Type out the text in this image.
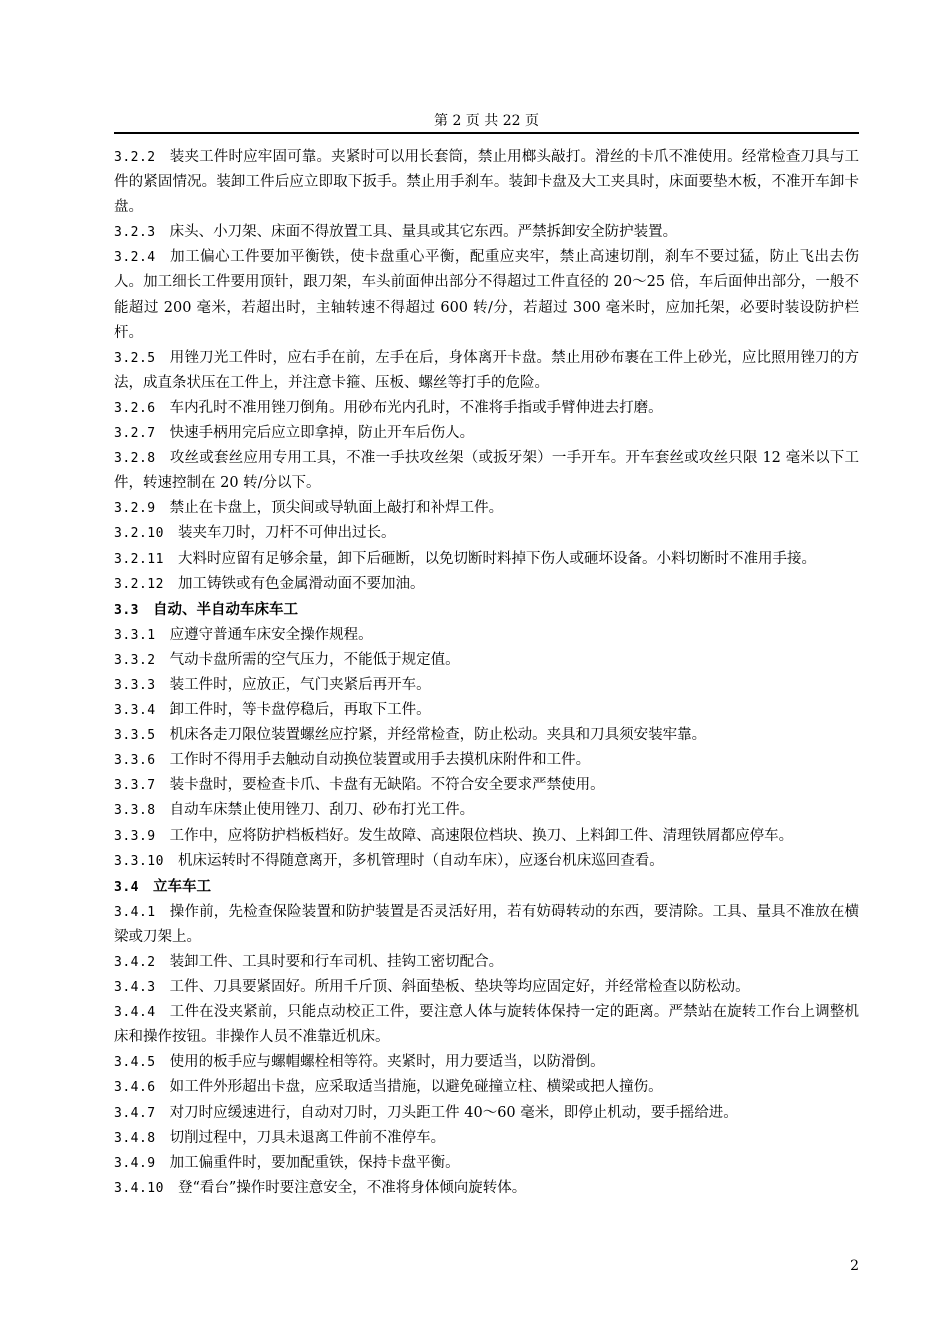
第 2 页 共 22 页

3.2.2 装夹工件时应牢固可靠。夹紧时可以用长套筒，禁止用榔头敲打。滑丝的卡爪不准使用。经常检查刀具与工件的紧固情况。装卸工件后应立即取下扳手。禁止用手刹车。装卸卡盘及大工夹具时，床面要垫木板，不准开车卸卡盘。

3.2.3 床头、小刀架、床面不得放置工具、量具或其它东西。严禁拆卸安全防护装置。

3.2.4 加工偏心工件要加平衡铁，使卡盘重心平衡，配重应夹牢，禁止高速切削，刹车不要过猛，防止飞出去伤人。加工细长工件要用顶针，跟刀架，车头前面伸出部分不得超过工件直径的 20～25 倍，车后面伸出部分，一般不能超过 200 毫米，若超出时，主轴转速不得超过 600 转/分，若超过 300 毫米时，应加托架，必要时装设防护栏杆。

3.2.5 用锉刀光工件时，应右手在前，左手在后，身体离开卡盘。禁止用砂布裹在工件上砂光，应比照用锉刀的方法，成直条状压在工件上，并注意卡箍、压板、螺丝等打手的危险。

3.2.6 车内孔时不准用锉刀倒角。用砂布光内孔时，不准将手指或手臂伸进去打磨。

3.2.7 快速手柄用完后应立即拿掉，防止开车后伤人。

3.2.8 攻丝或套丝应用专用工具，不准一手扶攻丝架（或扳牙架）一手开车。开车套丝或攻丝只限 12 毫米以下工件，转速控制在 20 转/分以下。

3.2.9 禁止在卡盘上，顶尖间或导轨面上敲打和补焊工件。

3.2.10 装夹车刀时，刀杆不可伸出过长。

3.2.11 大料时应留有足够余量，卸下后砸断，以免切断时料掉下伤人或砸坏设备。小料切断时不准用手接。

3.2.12 加工铸铁或有色金属滑动面不要加油。

3.3 自动、半自动车床车工

3.3.1 应遵守普通车床安全操作规程。

3.3.2 气动卡盘所需的空气压力，不能低于规定值。

3.3.3 装工件时，应放正，气门夹紧后再开车。

3.3.4 卸工件时，等卡盘停稳后，再取下工件。

3.3.5 机床各走刀限位装置螺丝应拧紧，并经常检查，防止松动。夹具和刀具须安装牢靠。

3.3.6 工作时不得用手去触动自动换位装置或用手去摸机床附件和工件。

3.3.7 装卡盘时，要检查卡爪、卡盘有无缺陷。不符合安全要求严禁使用。

3.3.8 自动车床禁止使用锉刀、刮刀、砂布打光工件。

3.3.9 工作中，应将防护档板档好。发生故障、高速限位档块、换刀、上料卸工件、清理铁屑都应停车。

3.3.10 机床运转时不得随意离开，多机管理时（自动车床），应逐台机床巡回查看。

3.4 立车车工

3.4.1 操作前，先检查保险装置和防护装置是否灵活好用，若有妨碍转动的东西，要清除。工具、量具不准放在横梁或刀架上。

3.4.2 装卸工件、工具时要和行车司机、挂钩工密切配合。

3.4.3 工件、刀具要紧固好。所用千斤顶、斜面垫板、垫块等均应固定好，并经常检查以防松动。

3.4.4 工件在没夹紧前，只能点动校正工件，要注意人体与旋转体保持一定的距离。严禁站在旋转工作台上调整机床和操作按钮。非操作人员不准靠近机床。

3.4.5 使用的板手应与螺帽螺栓相等符。夹紧时，用力要适当，以防滑倒。

3.4.6 如工件外形超出卡盘，应采取适当措施，以避免碰撞立柱、横梁或把人撞伤。

3.4.7 对刀时应缓速进行，自动对刀时，刀头距工件 40～60 毫米，即停止机动，要手摇给进。

3.4.8 切削过程中，刀具未退离工件前不准停车。

3.4.9 加工偏重件时，要加配重铁，保持卡盘平衡。

3.4.10 登“看台”操作时要注意安全，不准将身体倾向旋转体。

2
